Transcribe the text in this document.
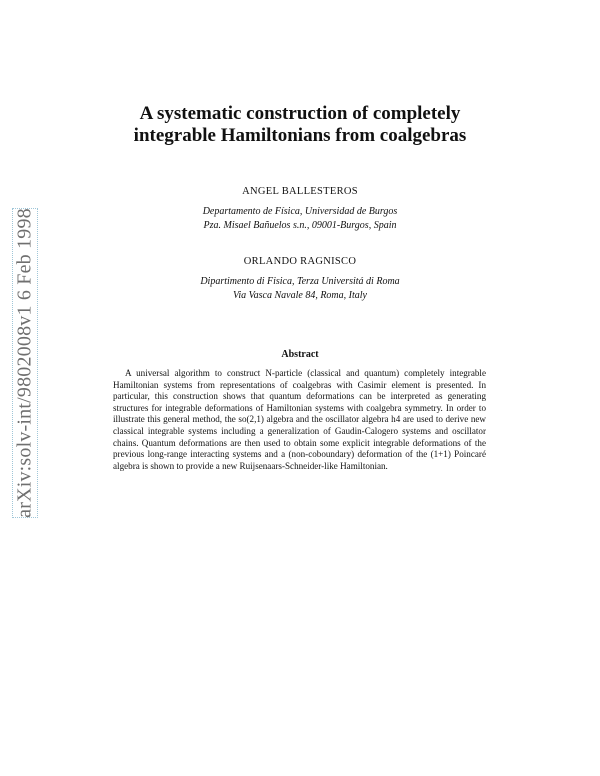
arXiv:solv-int/9802008v1 6 Feb 1998
A systematic construction of completely
integrable Hamiltonians from coalgebras
ANGEL BALLESTEROS
Departamento de Física, Universidad de Burgos
Pza. Misael Bañuelos s.n., 09001-Burgos, Spain
ORLANDO RAGNISCO
Dipartimento di Fisica, Terza Universitá di Roma
Via Vasca Navale 84, Roma, Italy
Abstract
A universal algorithm to construct N-particle (classical and quantum) completely integrable Hamiltonian systems from representations of coalgebras with Casimir element is presented. In particular, this construction shows that quantum deformations can be interpreted as generating structures for integrable deformations of Hamiltonian systems with coalgebra symmetry. In order to illustrate this general method, the so(2,1) algebra and the oscillator algebra h4 are used to derive new classical integrable systems including a generalization of Gaudin-Calogero systems and oscillator chains. Quantum deformations are then used to obtain some explicit integrable deformations of the previous long-range interacting systems and a (non-coboundary) deformation of the (1+1) Poincaré algebra is shown to provide a new Ruijsenaars-Schneider-like Hamiltonian.
